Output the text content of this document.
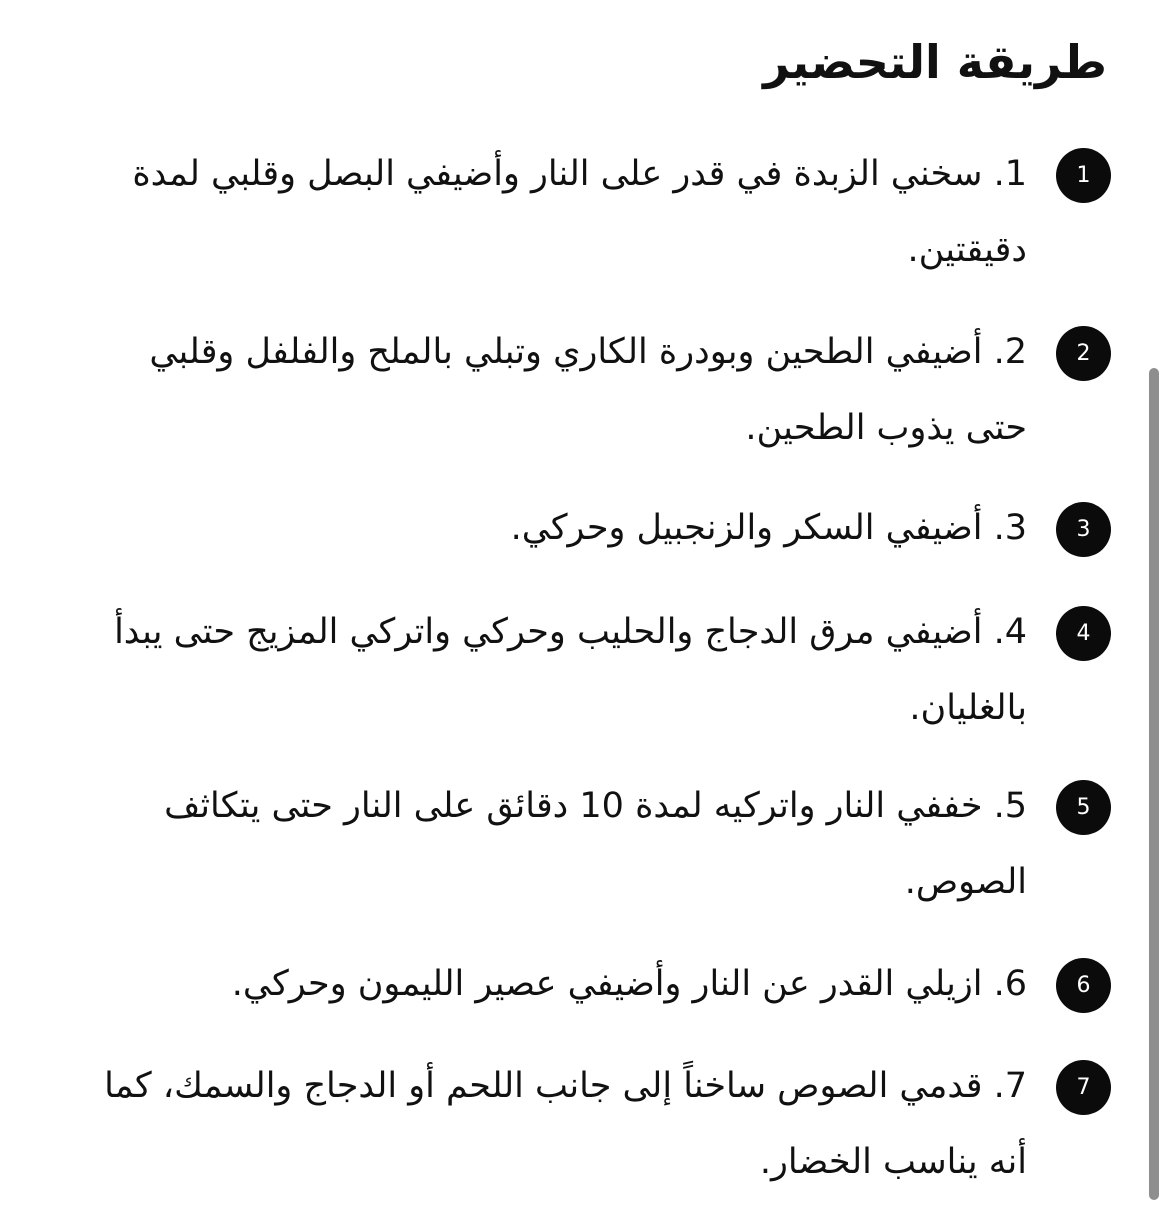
طريقة التحضير
1

1. سخني الزبدة في قدر على النار وأضيفي البصل وقلبي لمدة دقيقتين.

2

2. أضيفي الطحين وبودرة الكاري وتبلي بالملح والفلفل وقلبي حتى يذوب الطحين.

3

3. أضيفي السكر والزنجبيل وحركي.

4

4. أضيفي مرق الدجاج والحليب وحركي واتركي المزيج حتى يبدأ بالغليان.

5

5. خففي النار واتركيه لمدة 10 دقائق على النار حتى يتكاثف الصوص.

6

6. ازيلي القدر عن النار وأضيفي عصير الليمون وحركي.

7

7. قدمي الصوص ساخناً إلى جانب اللحم أو الدجاج والسمك، كما أنه يناسب الخضار.
